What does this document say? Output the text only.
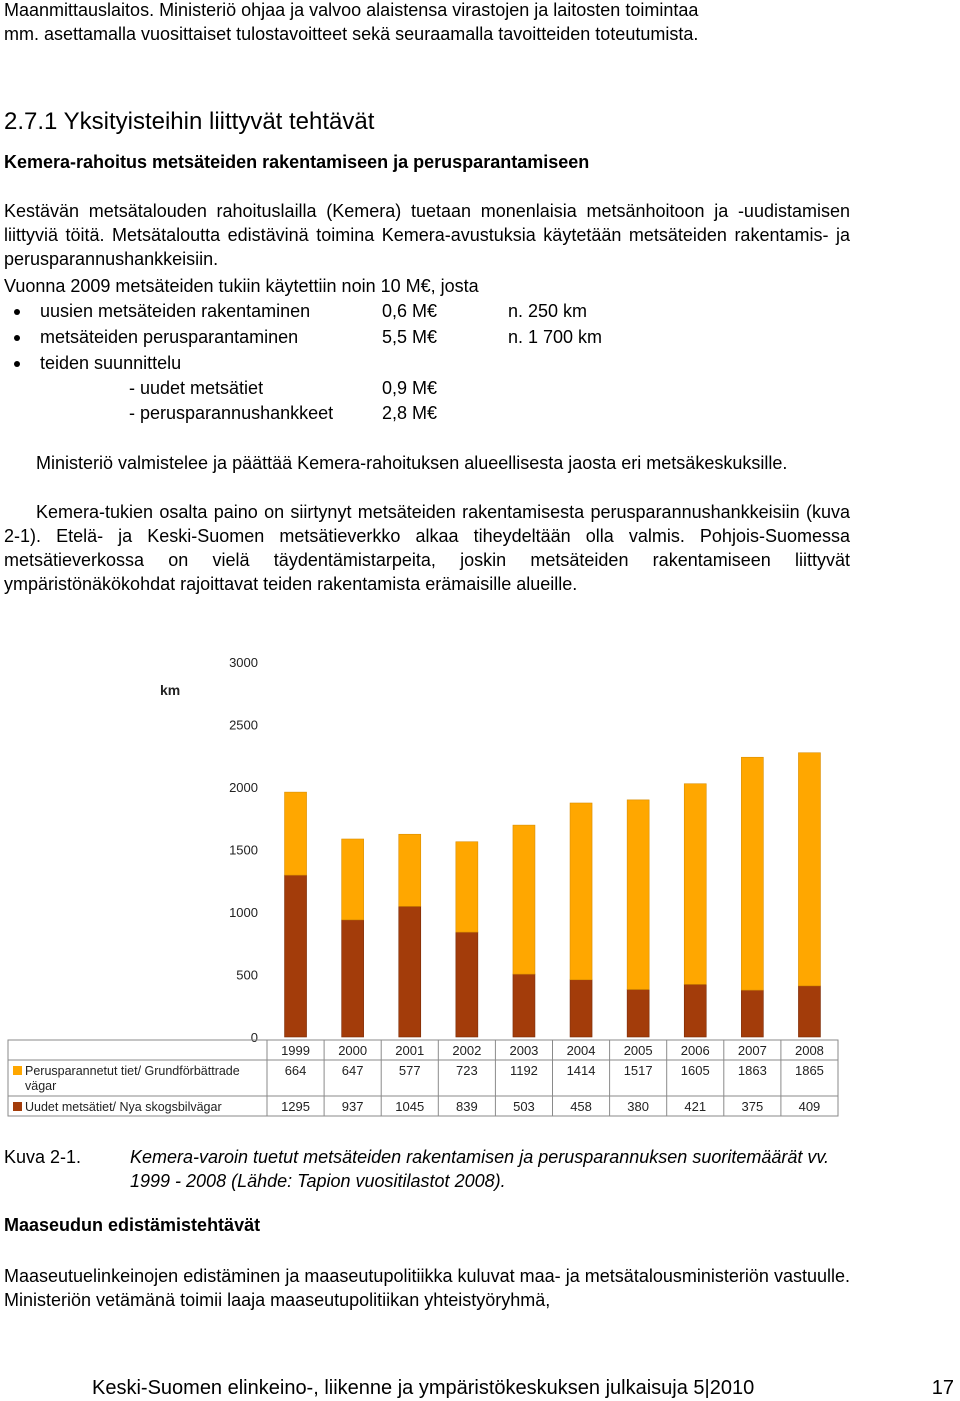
Maanmittauslaitos. Ministeriö ohjaa ja valvoo alaistensa virastojen ja laitosten toimintaa
mm. asettamalla vuosittaiset tulostavoitteet sekä seuraamalla tavoitteiden toteutumista.
2.7.1 Yksityisteihin liittyvät tehtävät
Kemera-rahoitus metsäteiden rakentamiseen ja perusparantamiseen

Kestävän metsätalouden rahoituslailla (Kemera) tuetaan monenlaisia metsänhoitoon ja -uudistamisen liittyviä töitä. Metsätaloutta edistävinä toimina Kemera-avustuksia käytetään metsäteiden rakentamis- ja perusparannushankkeisiin.

Vuonna 2009 metsäteiden tukiin käytettiin noin 10 M€, josta
uusien metsäteiden rakentaminen	0,6 M€	n. 250 km
metsäteiden perusparantaminen	5,5 M€	n. 1 700 km
teiden suunnittelu
- uudet metsätiet	0,9 M€
- perusparannushankkeet	2,8 M€

Ministeriö valmistelee ja päättää Kemera-rahoituksen alueellisesta jaosta eri metsäkeskuksille.

Kemera-tukien osalta paino on siirtynyt metsäteiden rakentamisesta perusparannushankkeisiin (kuva 2-1). Etelä- ja Keski-Suomen metsätieverkko alkaa tiheydeltään olla valmis. Pohjois-Suomessa metsätieverkossa on vielä täydentämistarpeita, joskin metsäteiden rakentamiseen liittyvät ympäristönäkökohdat rajoittavat teiden rakentamista erämaisille alueille.

km
0
500
1000
1500
2000
2500
3000
1999 2000 2001 2002 2003 2004 2005 2006 2007 2008
Perusparannetut tiet/ Grundförbättrade vägar
Uudet metsätiet/ Nya skogsbilvägar
664	647	577	723 1192 1414 1517 1605 1863 1865
1295 937 1045 839	503	458	380	421	375	409
Kuva 2-1.	Kemera-varoin tuetut metsäteiden rakentamisen ja perusparannuksen suoritemäärät vv. 1999 - 2008 (Lähde: Tapion vuositilastot 2008).

Maaseudun edistämistehtävät

Maaseutuelinkeinojen edistäminen ja maaseutupolitiikka kuluvat maa- ja metsätalousministeriön vastuulle. Ministeriön vetämänä toimii laaja maaseutupolitiikan yhteistyöryhmä,

Keski-Suomen elinkeino-, liikenne ja ympäristökeskuksen julkaisuja 5|2010	17
